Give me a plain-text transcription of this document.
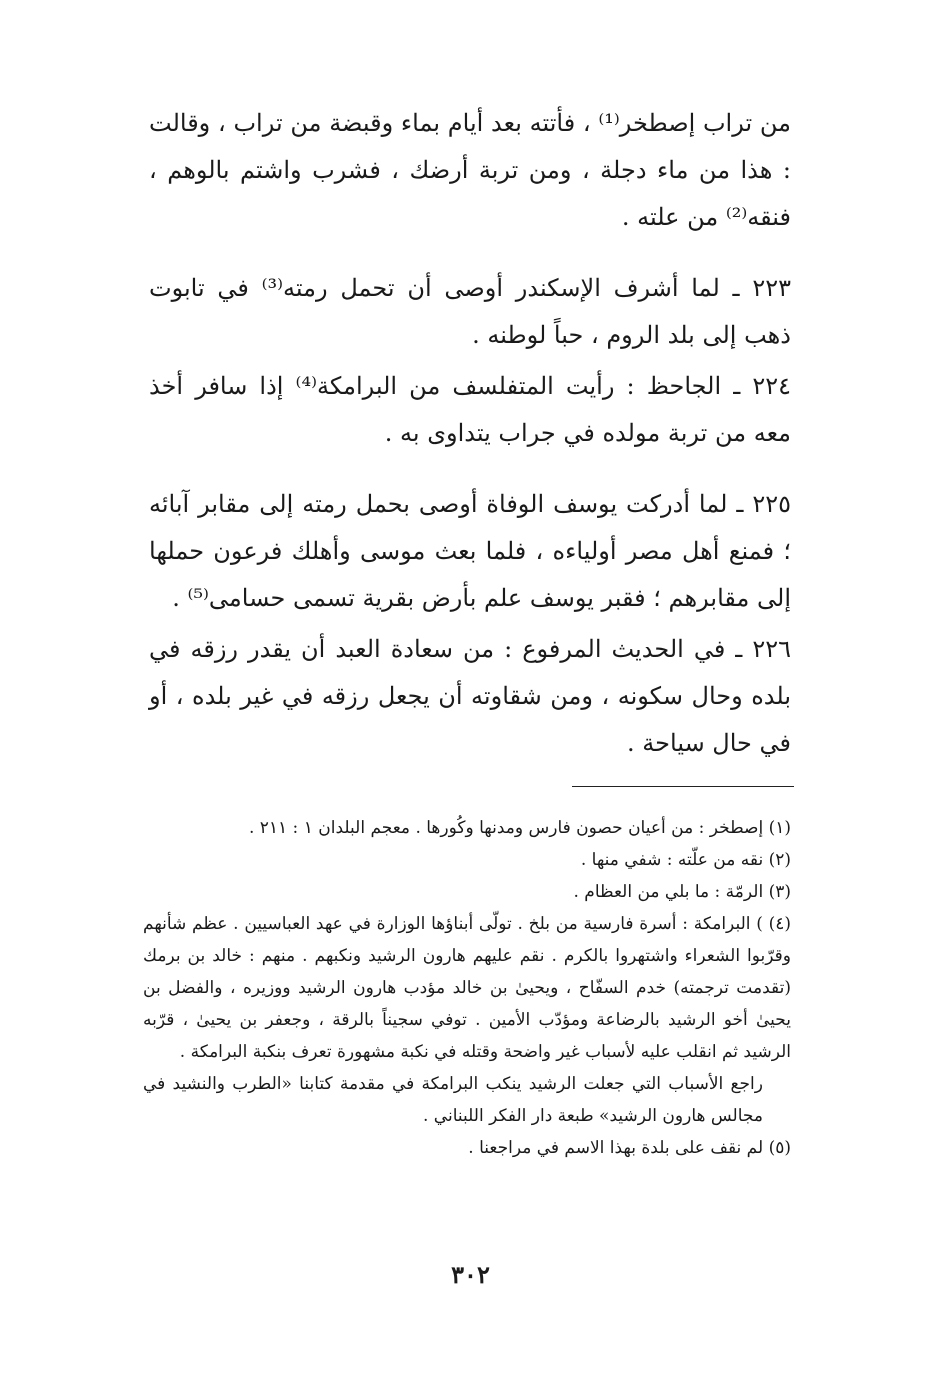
من تراب إصطخر⁽¹⁾ ، فأتته بعد أيام بماء وقبضة من تراب ، وقالت : هذا من ماء دجلة ، ومن تربة أرضك ، فشرب واشتم بالوهم ، فنقه⁽²⁾ من علته .

٢٢٣ ـ لما أشرف الإسكندر أوصى أن تحمل رمته⁽³⁾ في تابوت ذهب إلى بلد الروم ، حباً لوطنه .

٢٢٤ ـ الجاحظ : رأيت المتفلسف من البرامكة⁽⁴⁾ إذا سافر أخذ معه من تربة مولده في جراب يتداوى به .

٢٢٥ ـ لما أدركت يوسف الوفاة أوصى بحمل رمته إلى مقابر آبائه ؛ فمنع أهل مصر أولياءه ، فلما بعث موسى وأهلك فرعون حملها إلى مقابرهم ؛ فقبر يوسف علم بأرض بقرية تسمى حسامى⁽⁵⁾ .

٢٢٦ ـ في الحديث المرفوع : من سعادة العبد أن يقدر رزقه في بلده وحال سكونه ، ومن شقاوته أن يجعل رزقه في غير بلده ، أو في حال سياحة .

(١) إصطخر : من أعيان حصون فارس ومدنها وكُورها . معجم البلدان ١ : ٢١١ .

(٢) نقه من علّته : شفي منها .

(٣) الرمّة : ما بلي من العظام .

(٤) ) البرامكة : أسرة فارسية من بلخ . تولّى أبناؤها الوزارة في عهد العباسيين . عظم شأنهم وقرّبوا الشعراء واشتهروا بالكرم . نقم عليهم هارون الرشيد ونكبهم . منهم : خالد بن برمك (تقدمت ترجمته) خدم السفّاح ، ويحيىٰ بن خالد مؤدب هارون الرشيد ووزيره ، والفضل بن يحيىٰ أخو الرشيد بالرضاعة ومؤدّب الأمين . توفي سجيناً بالرقة ، وجعفر بن يحيىٰ ، قرّبه الرشيد ثم انقلب عليه لأسباب غير واضحة وقتله في نكبة مشهورة تعرف بنكبة البرامكة .

راجع الأسباب التي جعلت الرشيد ينكب البرامكة في مقدمة كتابنا «الطرب والنشيد في مجالس هارون الرشيد» طبعة دار الفكر اللبناني .

(٥) لم نقف على بلدة بهذا الاسم في مراجعنا .

٣٠٢
